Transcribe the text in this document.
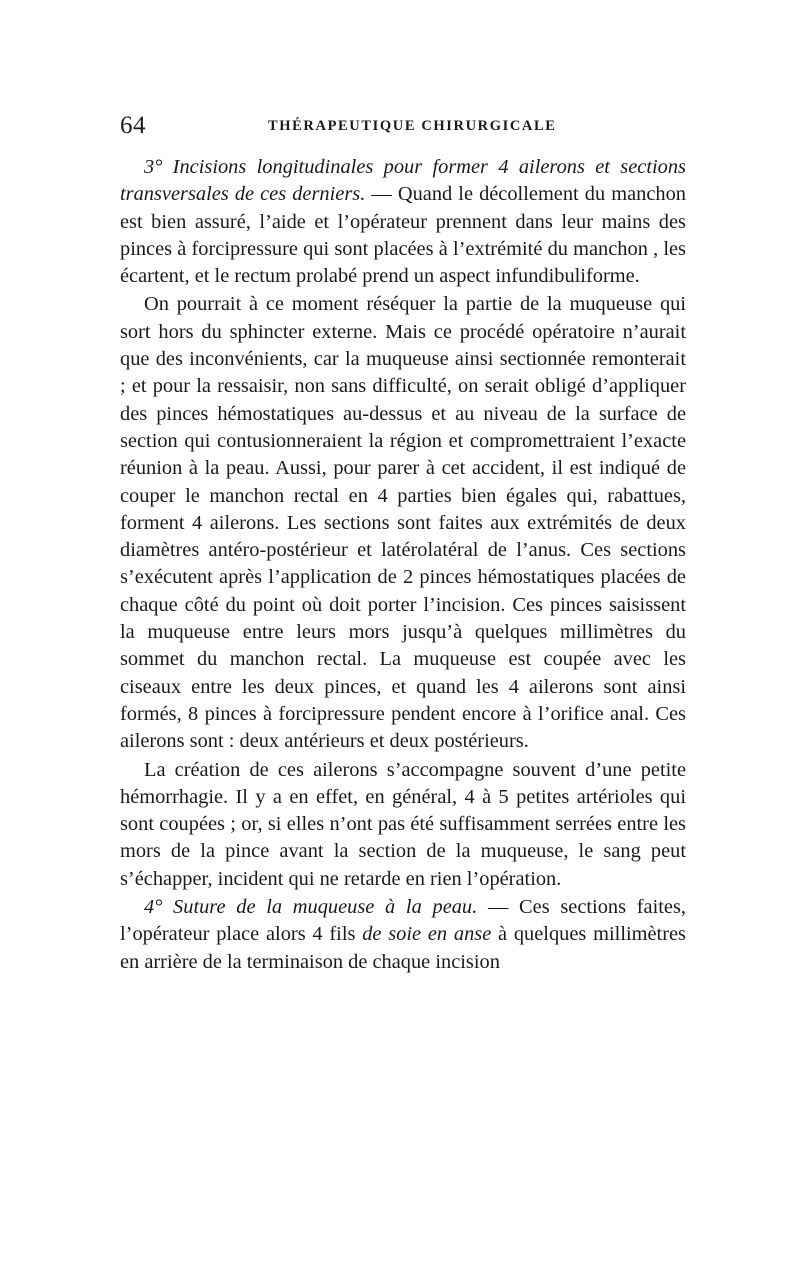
64	THÉRAPEUTIQUE CHIRURGICALE

3° Incisions longitudinales pour former 4 ailerons et sections transversales de ces derniers. — Quand le décollement du manchon est bien assuré, l’aide et l’opérateur prennent dans leur mains des pinces à forcipressure qui sont placées à l’extrémité du manchon , les écartent, et le rectum prolabé prend un aspect infundibuliforme.

On pourrait à ce moment réséquer la partie de la muqueuse qui sort hors du sphincter externe. Mais ce procédé opératoire n’aurait que des inconvénients, car la muqueuse ainsi sectionnée remonterait ; et pour la ressaisir, non sans difficulté, on serait obligé d’appliquer des pinces hémostatiques au-dessus et au niveau de la surface de section qui contusionneraient la région et compromettraient l’exacte réunion à la peau. Aussi, pour parer à cet accident, il est indiqué de couper le manchon rectal en 4 parties bien égales qui, rabattues, forment 4 ailerons. Les sections sont faites aux extrémités de deux diamètres antéro-postérieur et latérolatéral de l’anus. Ces sections s’exécutent après l’application de 2 pinces hémostatiques placées de chaque côté du point où doit porter l’incision. Ces pinces saisissent la muqueuse entre leurs mors jusqu’à quelques millimètres du sommet du manchon rectal. La muqueuse est coupée avec les ciseaux entre les deux pinces, et quand les 4 ailerons sont ainsi formés, 8 pinces à forcipressure pendent encore à l’orifice anal. Ces ailerons sont : deux antérieurs et deux postérieurs.

La création de ces ailerons s’accompagne souvent d’une petite hémorrhagie. Il y a en effet, en général, 4 à 5 petites artérioles qui sont coupées ; or, si elles n’ont pas été suffisamment serrées entre les mors de la pince avant la section de la muqueuse, le sang peut s’échapper, incident qui ne retarde en rien l’opération.

4° Suture de la muqueuse à la peau. — Ces sections faites, l’opérateur place alors 4 fils de soie en anse à quelques millimètres en arrière de la terminaison de chaque incision
